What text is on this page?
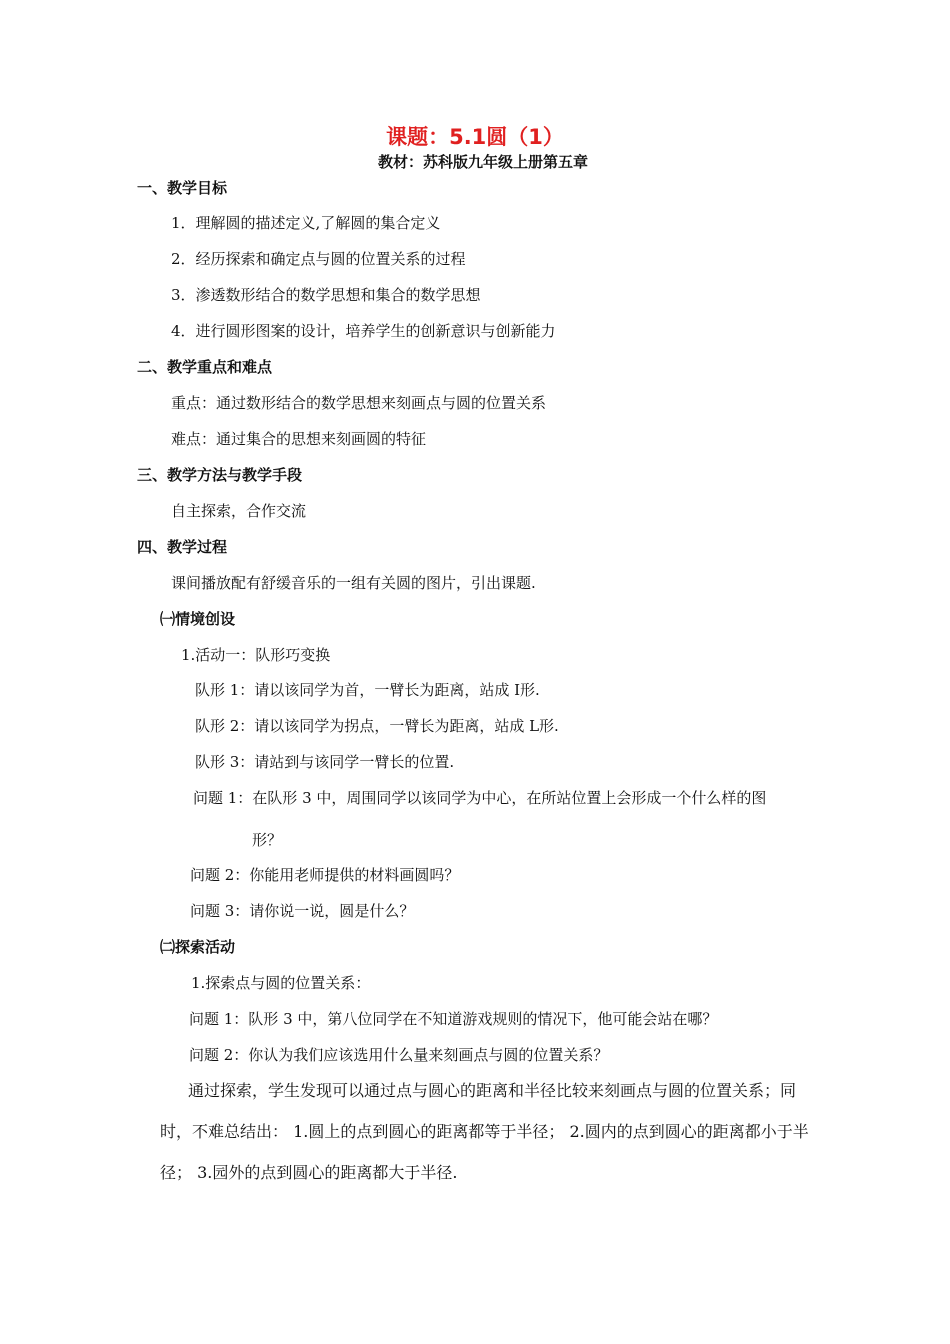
课题：5.1圆（1）
教材：苏科版九年级上册第五章
一、教学目标
1．理解圆的描述定义,了解圆的集合定义
2．经历探索和确定点与圆的位置关系的过程
3．渗透数形结合的数学思想和集合的数学思想
4．进行圆形图案的设计，培养学生的创新意识与创新能力
二、教学重点和难点
重点：通过数形结合的数学思想来刻画点与圆的位置关系
难点：通过集合的思想来刻画圆的特征
三、教学方法与教学手段
自主探索，合作交流
四、教学过程
课间播放配有舒缓音乐的一组有关圆的图片，引出课题.
㈠情境创设
1.活动一：队形巧变换
队形 1：请以该同学为首，一臂长为距离，站成 Ⅰ形.
队形 2：请以该同学为拐点，一臂长为距离，站成 L形.
队形 3：请站到与该同学一臂长的位置.
问题 1：在队形 3 中，周围同学以该同学为中心，在所站位置上会形成一个什么样的图
形？
问题 2：你能用老师提供的材料画圆吗？
问题 3：请你说一说，圆是什么？
㈡探索活动
1.探索点与圆的位置关系：
问题 1：队形 3 中，第八位同学在不知道游戏规则的情况下，他可能会站在哪？
问题 2：你认为我们应该选用什么量来刻画点与圆的位置关系？
通过探索，学生发现可以通过点与圆心的距离和半径比较来刻画点与圆的位置关系；同
时，不难总结出： 1.圆上的点到圆心的距离都等于半径； 2.圆内的点到圆心的距离都小于半
径； 3.园外的点到圆心的距离都大于半径.
